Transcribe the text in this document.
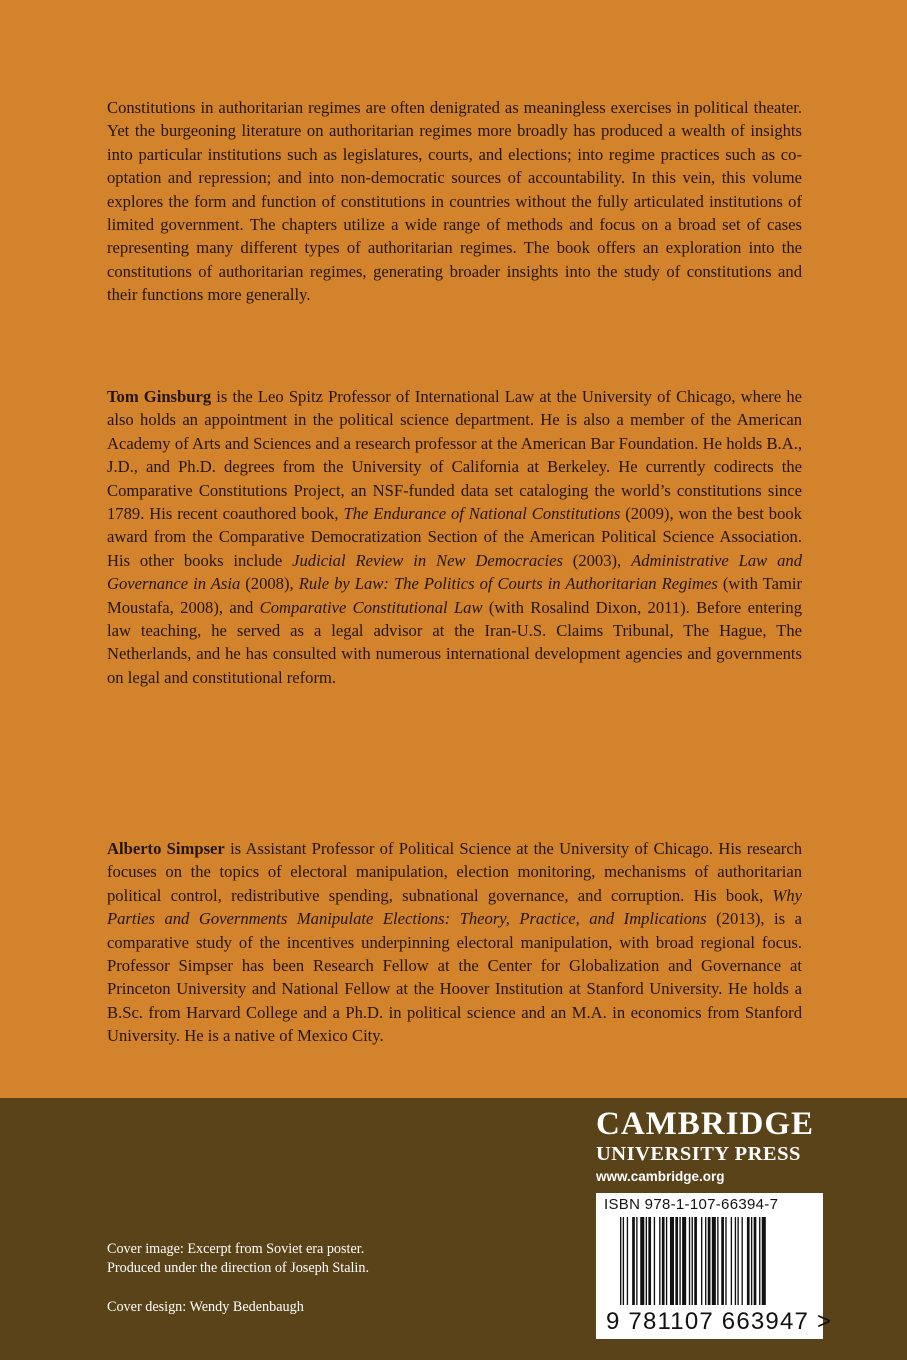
Constitutions in authoritarian regimes are often denigrated as meaningless exercises in political theater. Yet the burgeoning literature on authoritarian regimes more broadly has produced a wealth of insights into particular institutions such as legislatures, courts, and elections; into regime practices such as co-optation and repression; and into non-democratic sources of accountability. In this vein, this volume explores the form and function of constitutions in countries without the fully articulated institutions of limited government. The chapters utilize a wide range of methods and focus on a broad set of cases representing many different types of authoritarian regimes. The book offers an exploration into the constitutions of authoritarian regimes, generating broader insights into the study of constitutions and their functions more generally.

Tom Ginsburg is the Leo Spitz Professor of International Law at the University of Chicago, where he also holds an appointment in the political science department. He is also a member of the American Academy of Arts and Sciences and a research professor at the American Bar Foundation. He holds B.A., J.D., and Ph.D. degrees from the University of California at Berkeley. He currently codirects the Comparative Constitutions Project, an NSF-funded data set cataloging the world’s constitutions since 1789. His recent coauthored book, The Endurance of National Constitutions (2009), won the best book award from the Comparative Democratization Section of the American Political Science Association. His other books include Judicial Review in New Democracies (2003), Administrative Law and Governance in Asia (2008), Rule by Law: The Politics of Courts in Authoritarian Regimes (with Tamir Moustafa, 2008), and Comparative Constitutional Law (with Rosalind Dixon, 2011). Before entering law teaching, he served as a legal advisor at the Iran-U.S. Claims Tribunal, The Hague, The Netherlands, and he has consulted with numerous international development agencies and governments on legal and constitutional reform.

Alberto Simpser is Assistant Professor of Political Science at the University of Chicago. His research focuses on the topics of electoral manipulation, election monitoring, mechanisms of authoritarian political control, redistributive spending, subnational governance, and corruption. His book, Why Parties and Governments Manipulate Elections: Theory, Practice, and Implications (2013), is a comparative study of the incentives underpinning electoral manipulation, with broad regional focus. Professor Simpser has been Research Fellow at the Center for Globalization and Governance at Princeton University and National Fellow at the Hoover Institution at Stanford University. He holds a B.Sc. from Harvard College and a Ph.D. in political science and an M.A. in economics from Stanford University. He is a native of Mexico City.

CAMBRIDGE
UNIVERSITY PRESS
www.cambridge.org
ISBN 978-1-107-66394-7
9 781107 663947 >

Cover image: Excerpt from Soviet era poster.

Produced under the direction of Joseph Stalin.

Cover design: Wendy Bedenbaugh
